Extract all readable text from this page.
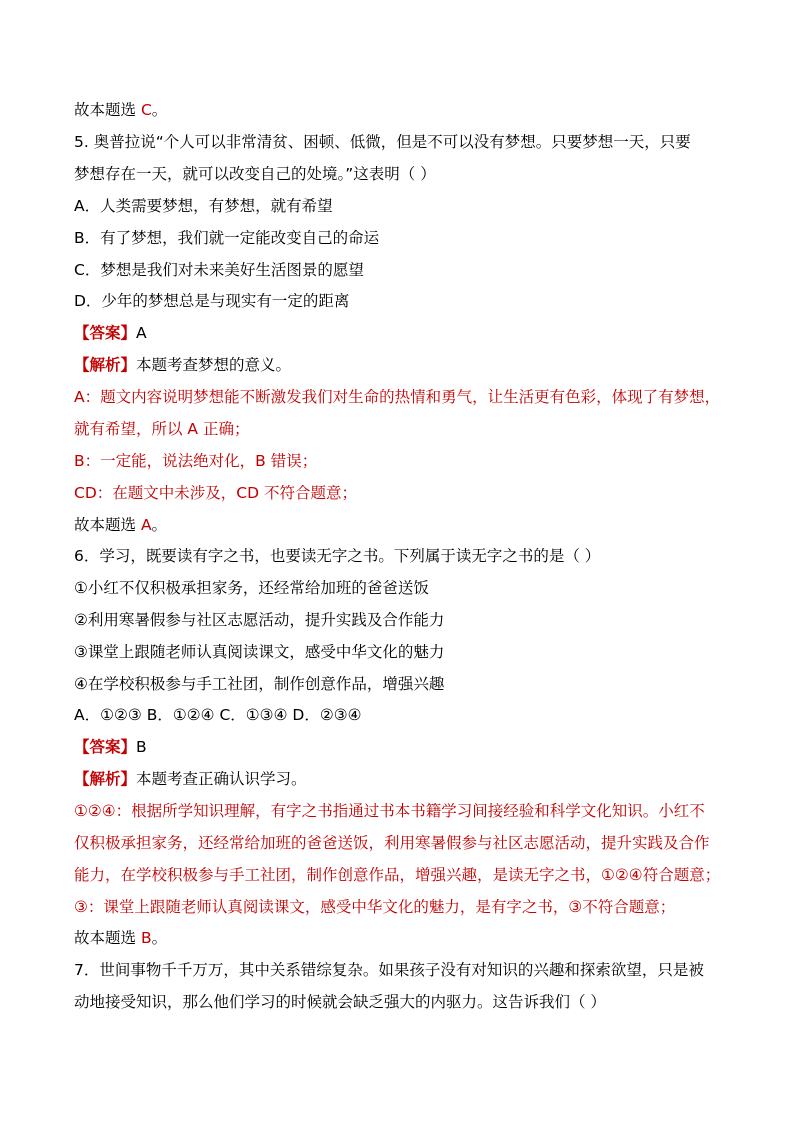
故本题选 C。
5. 奥普拉说“个人可以非常清贫、困顿、低微，但是不可以没有梦想。只要梦想一天，只要
梦想存在一天，就可以改变自己的处境。”这表明（ ）
A．人类需要梦想，有梦想，就有希望
B．有了梦想，我们就一定能改变自己的命运
C．梦想是我们对未来美好生活图景的愿望
D．少年的梦想总是与现实有一定的距离
【答案】A
【解析】本题考查梦想的意义。
A：题文内容说明梦想能不断激发我们对生命的热情和勇气，让生活更有色彩，体现了有梦想，
就有希望，所以 A 正确；
B：一定能，说法绝对化，B 错误；
CD：在题文中未涉及，CD 不符合题意；
故本题选 A。
6．学习，既要读有字之书，也要读无字之书。下列属于读无字之书的是（ ）
①小红不仅积极承担家务，还经常给加班的爸爸送饭
②利用寒暑假参与社区志愿活动，提升实践及合作能力
③课堂上跟随老师认真阅读课文，感受中华文化的魅力
④在学校积极参与手工社团，制作创意作品，增强兴趣
A．①②③ B．①②④ C．①③④ D．②③④
【答案】B
【解析】本题考查正确认识学习。
①②④：根据所学知识理解，有字之书指通过书本书籍学习间接经验和科学文化知识。小红不
仅积极承担家务，还经常给加班的爸爸送饭，利用寒暑假参与社区志愿活动，提升实践及合作
能力，在学校积极参与手工社团，制作创意作品，增强兴趣，是读无字之书，①②④符合题意；
③：课堂上跟随老师认真阅读课文，感受中华文化的魅力，是有字之书，③不符合题意；
故本题选 B。
7．世间事物千千万万，其中关系错综复杂。如果孩子没有对知识的兴趣和探索欲望，只是被
动地接受知识，那么他们学习的时候就会缺乏强大的内驱力。这告诉我们（ ）
